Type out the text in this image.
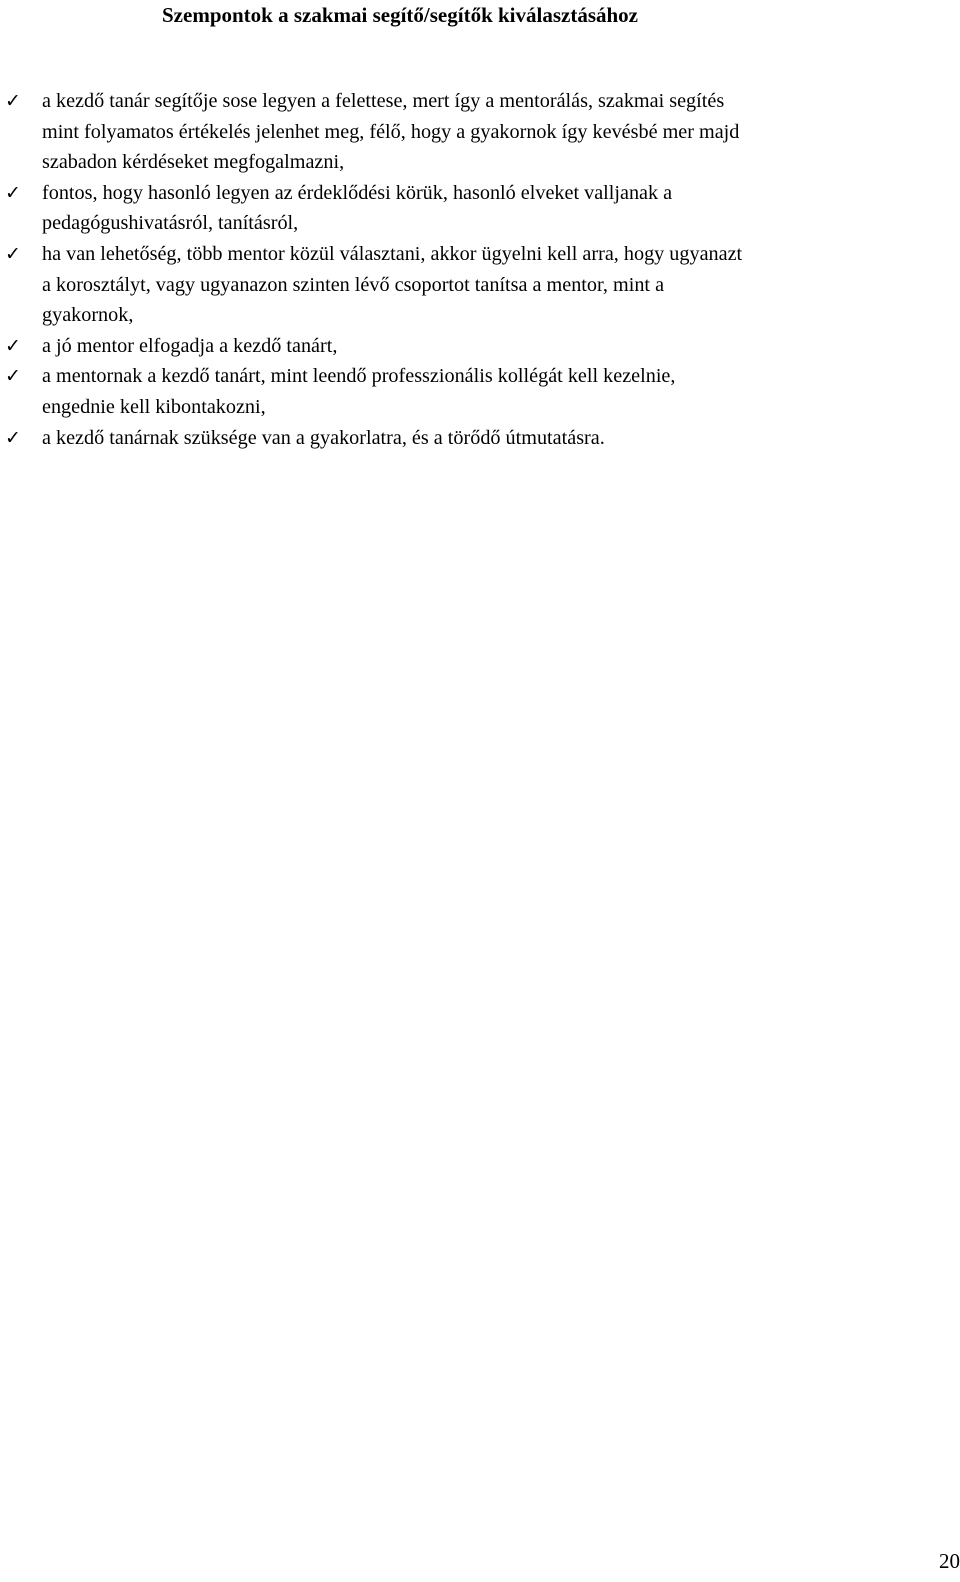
Szempontok a szakmai segítő/segítők kiválasztásához
✓ a kezdő tanár segítője sose legyen a felettese, mert így a mentorálás, szakmai segítés
mint folyamatos értékelés jelenhet meg, félő, hogy a gyakornok így kevésbé mer majd
szabadon kérdéseket megfogalmazni,
✓ fontos, hogy hasonló legyen az érdeklődési körük, hasonló elveket valljanak a
pedagógushivatásról, tanításról,
✓ ha van lehetőség, több mentor közül választani, akkor ügyelni kell arra, hogy ugyanazt
a korosztályt, vagy ugyanazon szinten lévő csoportot tanítsa a mentor, mint a
gyakornok,
✓ a jó mentor elfogadja a kezdő tanárt,
✓ a mentornak a kezdő tanárt, mint leendő professzionális kollégát kell kezelnie,
engednie kell kibontakozni,
✓ a kezdő tanárnak szüksége van a gyakorlatra, és a törődő útmutatásra.
20
